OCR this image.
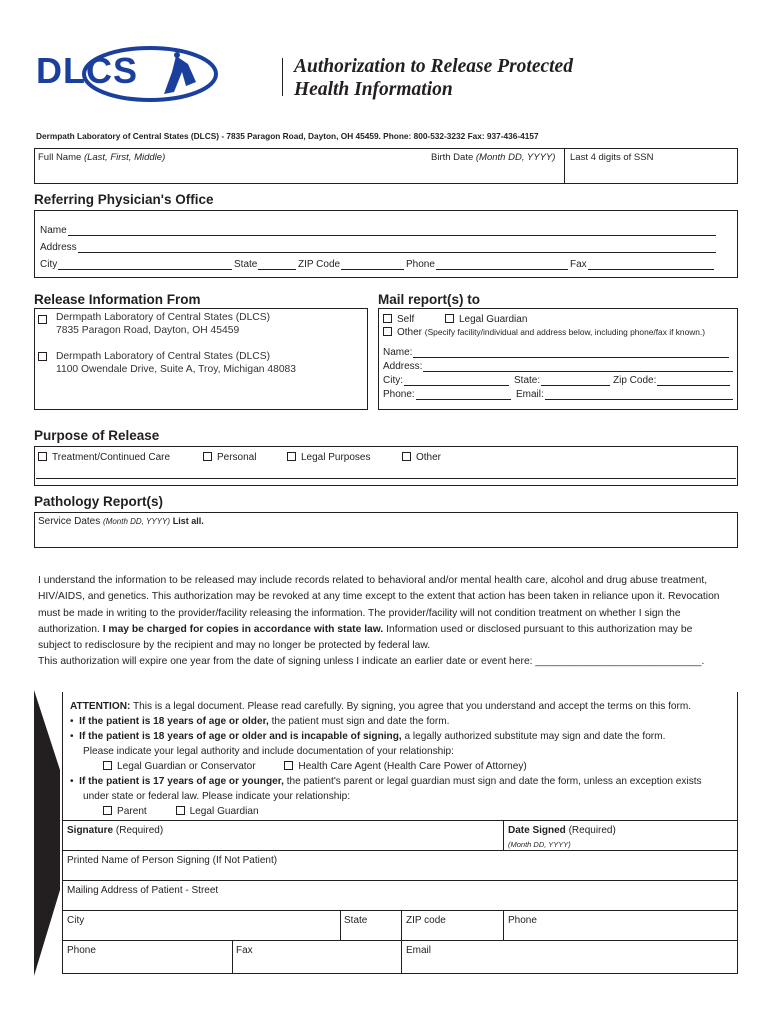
DLCS	Authorization to Release Protected
Health Information
Dermpath Laboratory of Central States (DLCS) - 7835 Paragon Road, Dayton, OH 45459. Phone: 800-532-3232 Fax: 937-436-4157
Full Name (Last, First, Middle)	Birth Date (Month DD, YYYY) Last 4 digits of SSN
Referring Physician's Office
Name
Address
City	State	ZIP Code	Phone	Fax
Release Information From
Dermpath Laboratory of Central States (DLCS)
7835 Paragon Road, Dayton, OH 45459
Dermpath Laboratory of Central States (DLCS)
1100 Owendale Drive, Suite A, Troy, Michigan 48083
Mail report(s) to
Self	Legal Guardian
Other (Specify facility/individual and address below, including phone/fax if known.)
Name:
Address:
City:	State:	Zip Code:
Phone:	Email:
Purpose of Release
Treatment/Continued Care	Personal	Legal Purposes	Other
Pathology Report(s)
Service Dates (Month DD, YYYY) List all.
I understand the information to be released may include records related to behavioral and/or mental health care, alcohol and drug abuse treatment,
HIV/AIDS, and genetics. This authorization may be revoked at any time except to the extent that action has been taken in reliance upon it. Revocation
must be made in writing to the provider/facility releasing the information. The provider/facility will not condition treatment on whether I sign the
authorization. I may be charged for copies in accordance with state law. Information used or disclosed pursuant to this authorization may be
subject to redisclosure by the recipient and may no longer be protected by federal law.
This authorization will expire one year from the date of signing unless I indicate an earlier date or event here: _____________________________.
ATTENTION: This is a legal document. Please read carefully. By signing, you agree that you understand and accept the terms on this form.
•  If the patient is 18 years of age or older, the patient must sign and date the form.
•  If the patient is 18 years of age or older and is incapable of signing, a legally authorized substitute may sign and date the form.
Please indicate your legal authority and include documentation of your relationship:
Legal Guardian or Conservator	Health Care Agent (Health Care Power of Attorney)
•  If the patient is 17 years of age or younger, the patient's parent or legal guardian must sign and date the form, unless an exception exists
under state or federal law. Please indicate your relationship:
Parent	Legal Guardian
Signature (Required)	Date Signed (Required)
(Month DD, YYYY)
Printed Name of Person Signing (If Not Patient)
Mailing Address of Patient - Street
City	State	ZIP code	Phone
Phone	Fax	Email
